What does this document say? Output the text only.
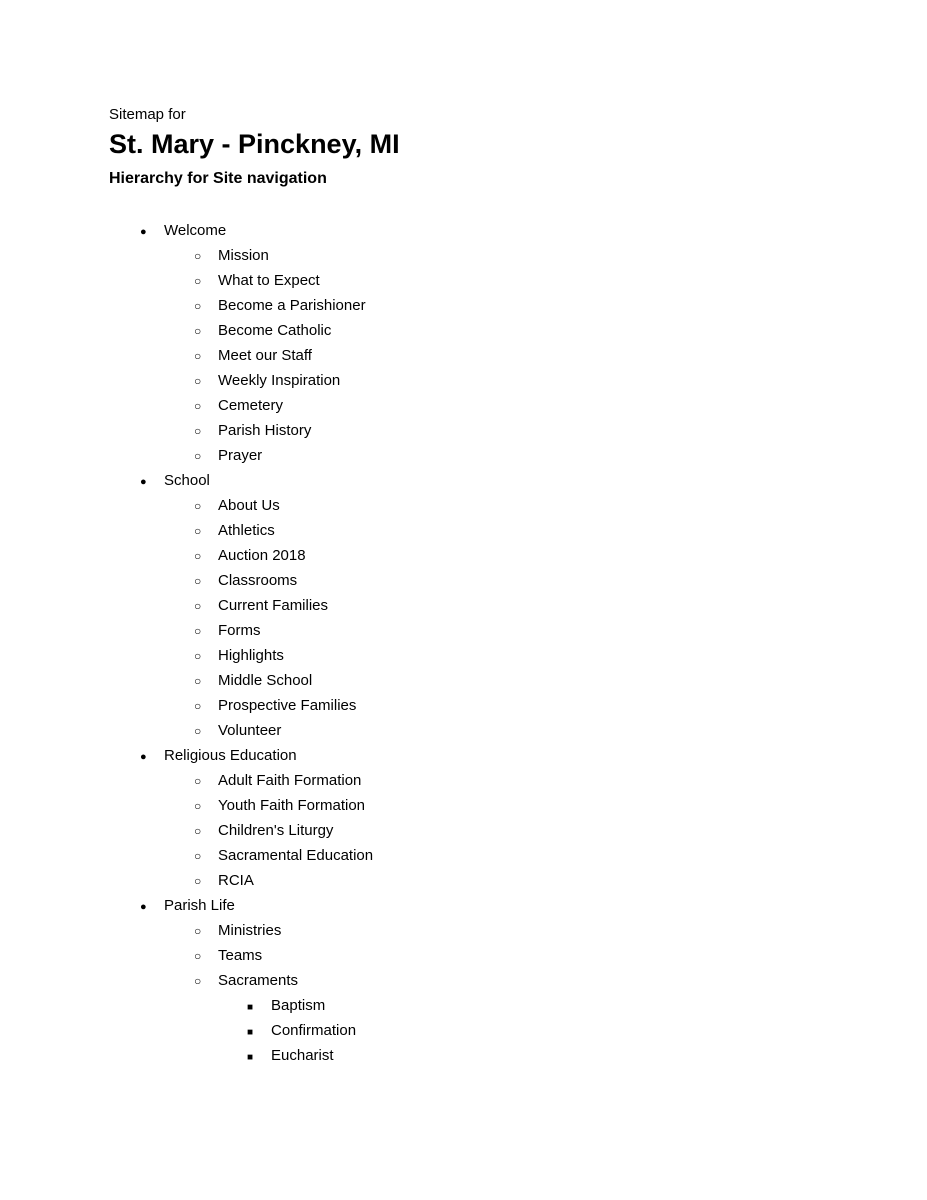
Sitemap for

St. Mary - Pinckney, MI
Hierarchy for Site navigation
●	Welcome
○	Mission
○	What to Expect
○	Become a Parishioner
○	Become Catholic
○	Meet our Staff
○	Weekly Inspiration
○	Cemetery
○	Parish History
○	Prayer
●	School
○	About Us
○	Athletics
○	Auction 2018
○	Classrooms
○	Current Families
○	Forms
○	Highlights
○	Middle School
○	Prospective Families
○	Volunteer
●	Religious Education
○	Adult Faith Formation
○	Youth Faith Formation
○	Children's Liturgy
○	Sacramental Education
○	RCIA
●	Parish Life
○	Ministries
○	Teams
○	Sacraments
■	Baptism
■	Confirmation
■	Eucharist
